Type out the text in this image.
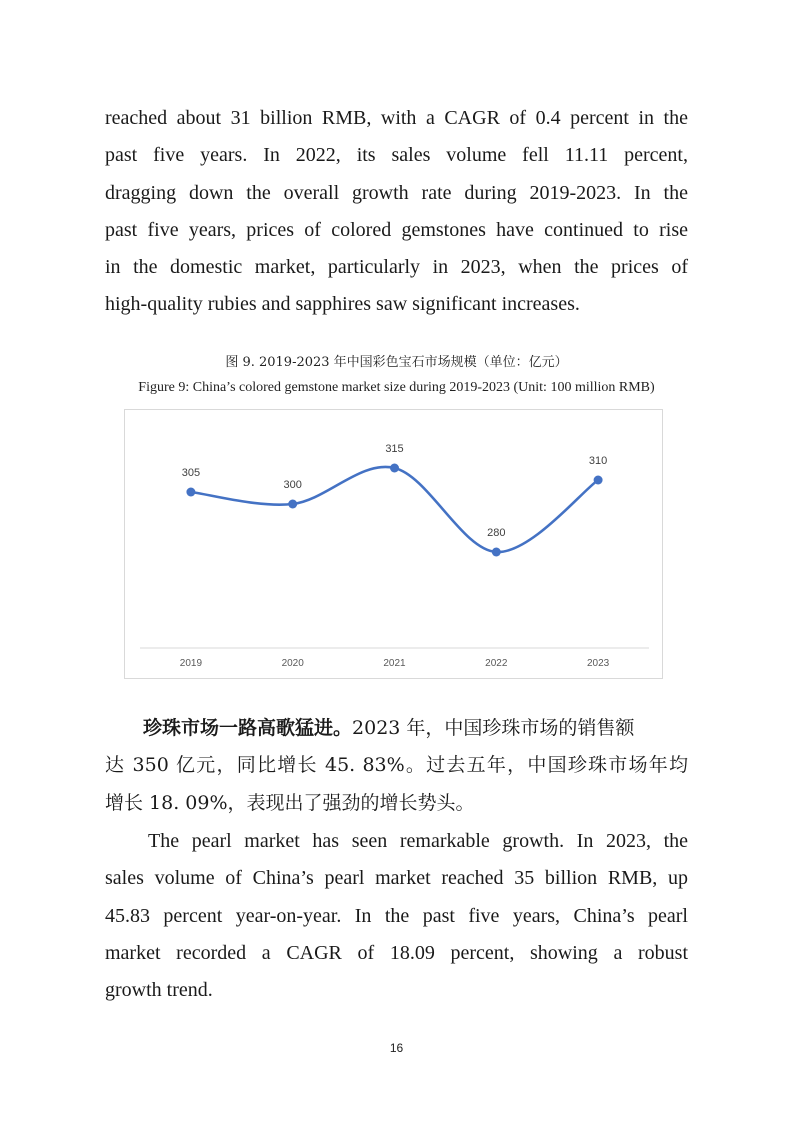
reached about 31 billion RMB, with a CAGR of 0.4 percent in the
past five years. In 2022, its sales volume fell 11.11 percent,
dragging down the overall growth rate during 2019-2023. In the
past five years, prices of colored gemstones have continued to rise
in the domestic market, particularly in 2023, when the prices of
high-quality rubies and sapphires saw significant increases.
图 9. 2019-2023 年中国彩色宝石市场规模（单位：亿元）
Figure 9: China’s colored gemstone market size during 2019-2023 (Unit: 100 million RMB)
305
2019
300
2020
315
2021
280
2022
310
2023
珍珠市场一路高歌猛进。2023 年，中国珍珠市场的销售额
达 350 亿元，同比增长 45. 83%。过去五年，中国珍珠市场年均
增长 18. 09%，表现出了强劲的增长势头。
The pearl market has seen remarkable growth. In 2023, the
sales volume of China’s pearl market reached 35 billion RMB, up
45.83 percent year-on-year. In the past five years, China’s pearl
market recorded a CAGR of 18.09 percent, showing a robust
growth trend.
16
